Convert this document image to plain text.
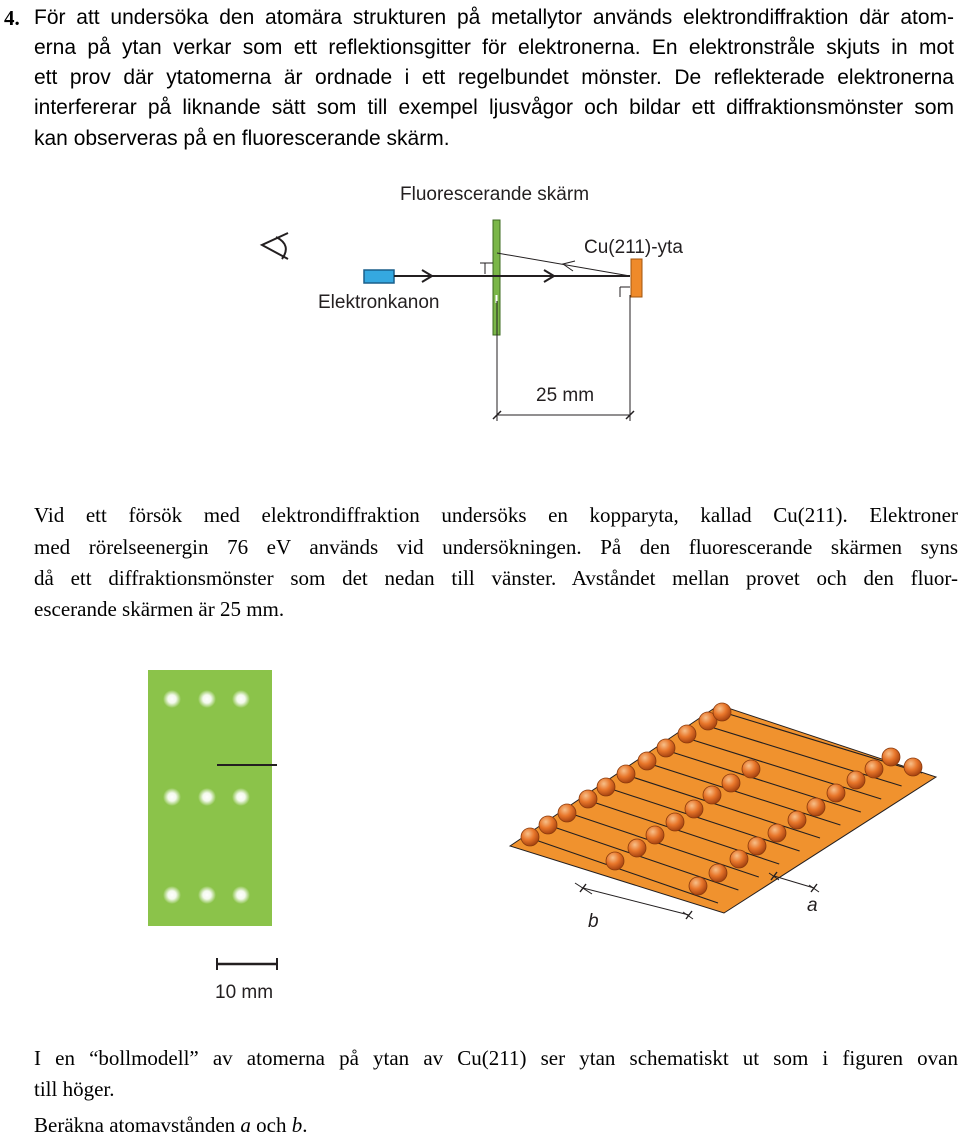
4. För att undersöka den atomära strukturen på metallytor används elektrondiffraktion där atom-
erna på ytan verkar som ett reflektionsgitter för elektronerna. En elektronstråle skjuts in mot
ett prov där ytatomerna är ordnade i ett regelbundet mönster. De reflekterade elektronerna
interfererar på liknande sätt som till exempel ljusvågor och bildar ett diffraktionsmönster som
kan observeras på en fluorescerande skärm.
Fluorescerande skärm
Cu(211)-yta
Elektronkanon
25 mm
Vid ett försök med elektrondiffraktion undersöks en kopparyta, kallad Cu(211). Elektroner
med rörelseenergin 76 eV används vid undersökningen. På den fluorescerande skärmen syns
då ett diffraktionsmönster som det nedan till vänster. Avståndet mellan provet och den fluor-
escerande skärmen är 25 mm.
10 mm
b
a
I en “bollmodell” av atomerna på ytan av Cu(211) ser ytan schematiskt ut som i figuren ovan
till höger.
Beräkna atomavstånden a och b.
